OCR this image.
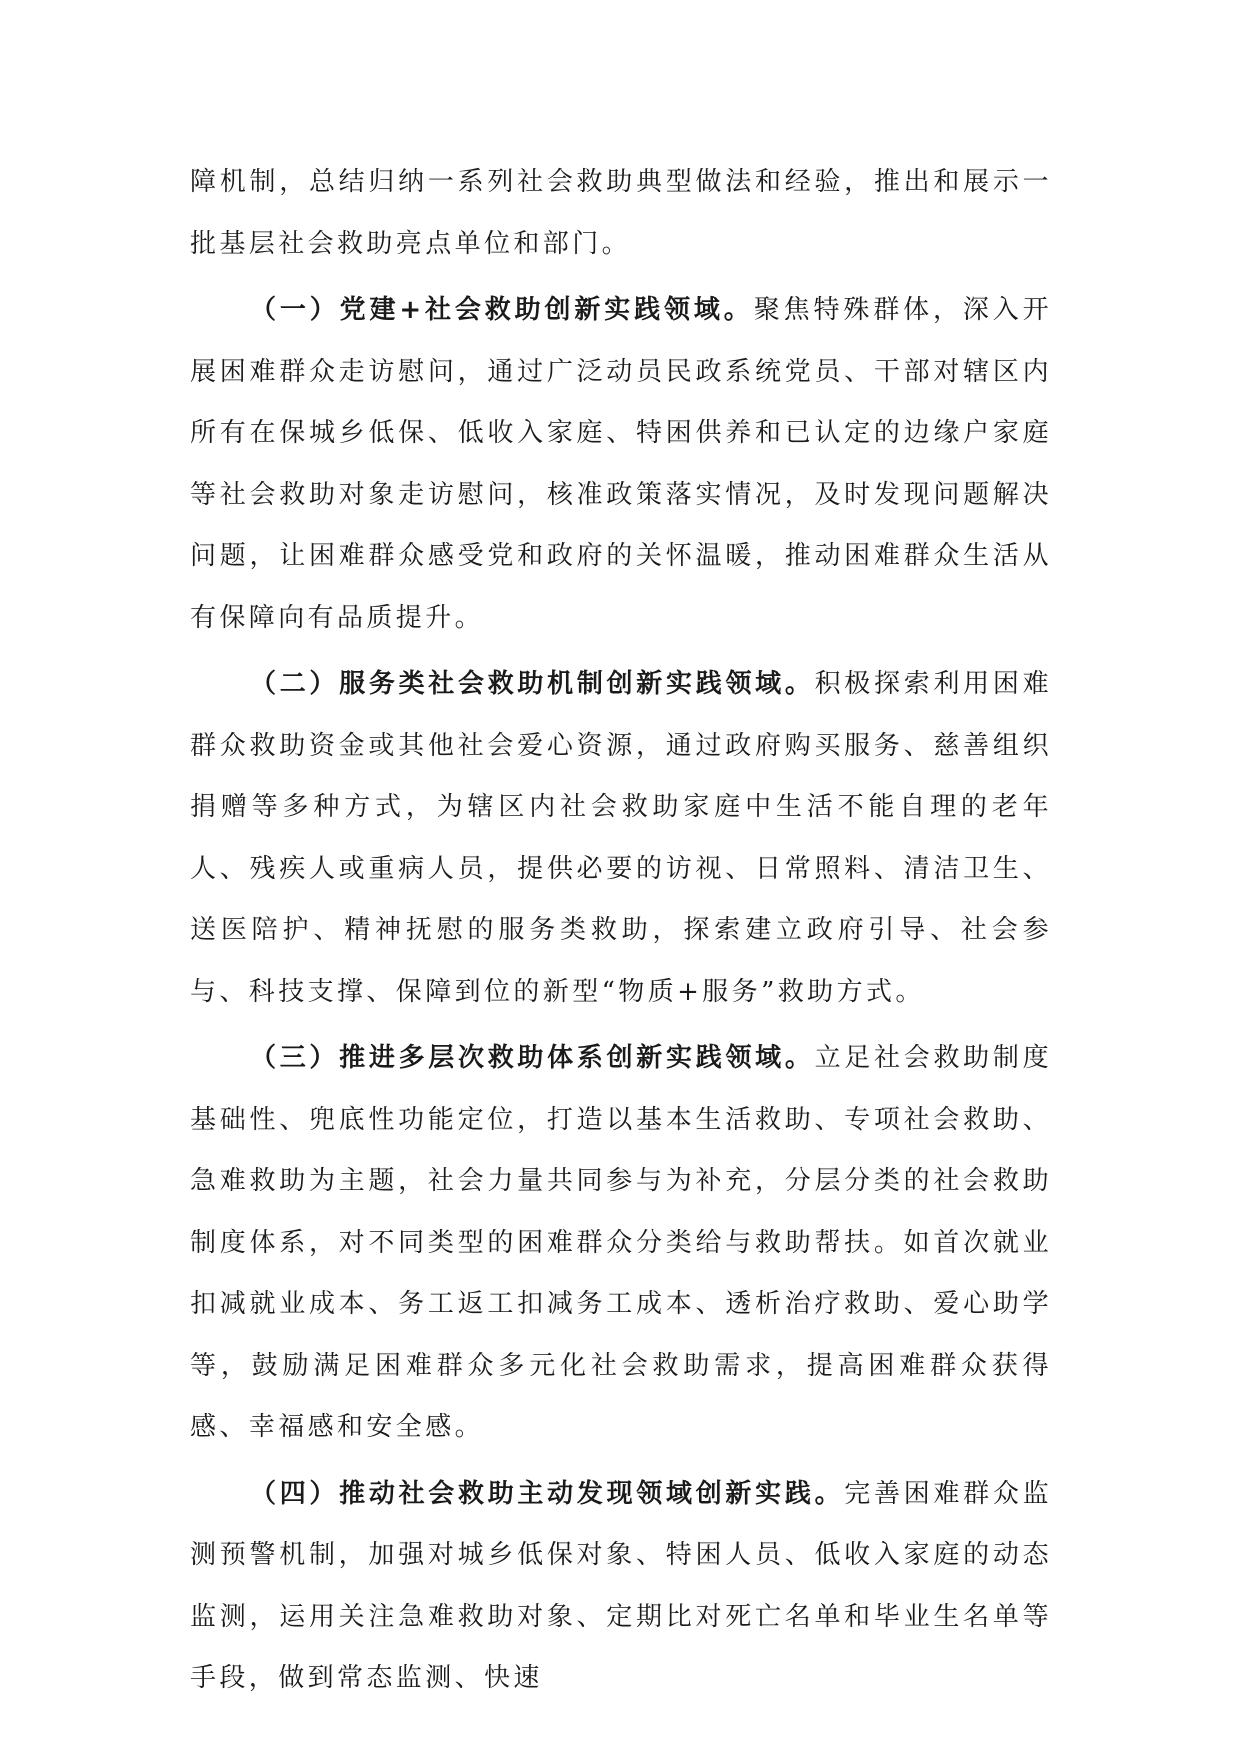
障机制，总结归纳一系列社会救助典型做法和经验，推出和展示一批基层社会救助亮点单位和部门。

（一）党建+社会救助创新实践领域。聚焦特殊群体，深入开展困难群众走访慰问，通过广泛动员民政系统党员、干部对辖区内所有在保城乡低保、低收入家庭、特困供养和已认定的边缘户家庭等社会救助对象走访慰问，核准政策落实情况，及时发现问题解决问题，让困难群众感受党和政府的关怀温暖，推动困难群众生活从有保障向有品质提升。

（二）服务类社会救助机制创新实践领域。积极探索利用困难群众救助资金或其他社会爱心资源，通过政府购买服务、慈善组织捐赠等多种方式，为辖区内社会救助家庭中生活不能自理的老年人、残疾人或重病人员，提供必要的访视、日常照料、清洁卫生、送医陪护、精神抚慰的服务类救助，探索建立政府引导、社会参与、科技支撑、保障到位的新型“物质+服务”救助方式。

（三）推进多层次救助体系创新实践领域。立足社会救助制度基础性、兜底性功能定位，打造以基本生活救助、专项社会救助、急难救助为主题，社会力量共同参与为补充，分层分类的社会救助制度体系，对不同类型的困难群众分类给与救助帮扶。如首次就业扣减就业成本、务工返工扣减务工成本、透析治疗救助、爱心助学等，鼓励满足困难群众多元化社会救助需求，提高困难群众获得感、幸福感和安全感。

（四）推动社会救助主动发现领域创新实践。完善困难群众监测预警机制，加强对城乡低保对象、特困人员、低收入家庭的动态监测，运用关注急难救助对象、定期比对死亡名单和毕业生名单等手段，做到常态监测、快速
